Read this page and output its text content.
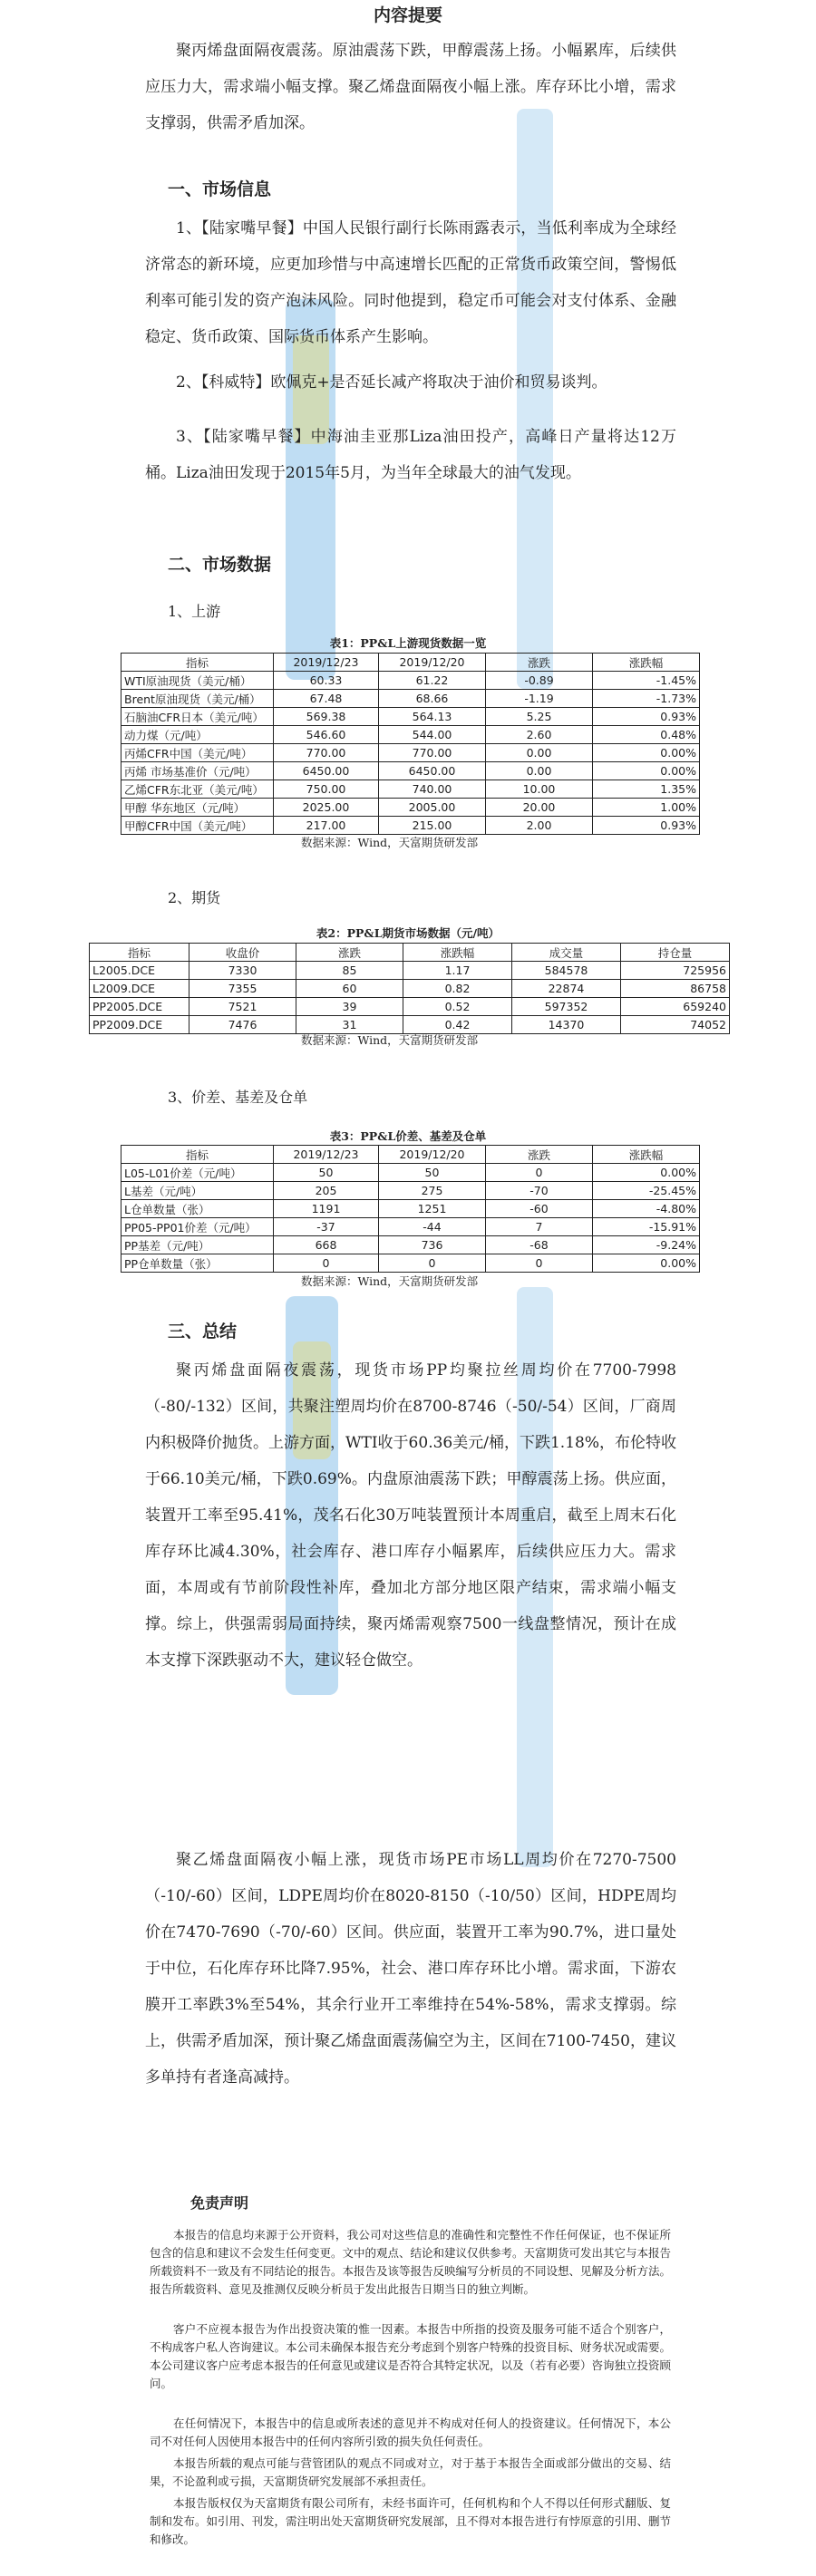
内容提要

聚丙烯盘面隔夜震荡。原油震荡下跌，甲醇震荡上扬。小幅累库，后续供应压力大，需求端小幅支撑。聚乙烯盘面隔夜小幅上涨。库存环比小增，需求支撑弱，供需矛盾加深。

一、市场信息

1、【陆家嘴早餐】中国人民银行副行长陈雨露表示，当低利率成为全球经济常态的新环境，应更加珍惜与中高速增长匹配的正常货币政策空间，警惕低利率可能引发的资产泡沫风险。同时他提到，稳定币可能会对支付体系、金融稳定、货币政策、国际货币体系产生影响。

2、【科威特】欧佩克+是否延长减产将取决于油价和贸易谈判。

3、【陆家嘴早餐】中海油圭亚那Liza油田投产，高峰日产量将达12万桶。Liza油田发现于2015年5月，为当年全球最大的油气发现。

二、市场数据
1、上游
表1：PP&L上游现货数据一览
指标	2019/12/23	2019/12/20	涨跌	涨跌幅
WTI原油现货（美元/桶）	60.33	61.22	-0.89	-1.45%
Brent原油现货（美元/桶）	67.48	68.66	-1.19	-1.73%
石脑油CFR日本（美元/吨）	569.38	564.13	5.25	0.93%
动力煤（元/吨）	546.60	544.00	2.60	0.48%
丙烯CFR中国（美元/吨）	770.00	770.00	0.00	0.00%
丙烯 市场基准价（元/吨）	6450.00	6450.00	0.00	0.00%
乙烯CFR东北亚（美元/吨）	750.00	740.00	10.00	1.35%
甲醇 华东地区（元/吨）	2025.00	2005.00	20.00	1.00%
甲醇CFR中国（美元/吨）	217.00	215.00	2.00	0.93%
数据来源：Wind，天富期货研发部
2、期货
表2：PP&L期货市场数据（元/吨）
指标	收盘价	涨跌	涨跌幅	成交量	持仓量
L2005.DCE	7330	85	1.17	584578	725956
L2009.DCE	7355	60	0.82	22874	86758
PP2005.DCE	7521	39	0.52	597352	659240
PP2009.DCE	7476	31	0.42	14370	74052
数据来源：Wind，天富期货研发部
3、价差、基差及仓单
表3：PP&L价差、基差及仓单
指标	2019/12/23	2019/12/20	涨跌	涨跌幅
L05-L01价差（元/吨）	50	50	0	0.00%
L基差（元/吨）	205	275	-70	-25.45%
L仓单数量（张）	1191	1251	-60	-4.80%
PP05-PP01价差（元/吨）	-37	-44	7	-15.91%
PP基差（元/吨）	668	736	-68	-9.24%
PP仓单数量（张）	0	0	0	0.00%
数据来源：Wind，天富期货研发部
三、总结

聚丙烯盘面隔夜震荡，现货市场PP均聚拉丝周均价在7700-7998（-80/-132）区间，共聚注塑周均价在8700-8746（-50/-54）区间，厂商周内积极降价抛货。上游方面，WTI收于60.36美元/桶，下跌1.18%，布伦特收于66.10美元/桶，下跌0.69%。内盘原油震荡下跌；甲醇震荡上扬。供应面，装置开工率至95.41%，茂名石化30万吨装置预计本周重启，截至上周末石化库存环比减4.30%，社会库存、港口库存小幅累库，后续供应压力大。需求面，本周或有节前阶段性补库，叠加北方部分地区限产结束，需求端小幅支撑。综上，供强需弱局面持续，聚丙烯需观察7500一线盘整情况，预计在成本支撑下深跌驱动不大，建议轻仓做空。

聚乙烯盘面隔夜小幅上涨，现货市场PE市场LL周均价在7270-7500（-10/-60）区间，LDPE周均价在8020-8150（-10/50）区间，HDPE周均价在7470-7690（-70/-60）区间。供应面，装置开工率为90.7%，进口量处于中位，石化库存环比降7.95%，社会、港口库存环比小增。需求面，下游农膜开工率跌3%至54%，其余行业开工率维持在54%-58%，需求支撑弱。综上，供需矛盾加深，预计聚乙烯盘面震荡偏空为主，区间在7100-7450，建议多单持有者逢高减持。

免责声明

本报告的信息均来源于公开资料，我公司对这些信息的准确性和完整性不作任何保证，也不保证所包含的信息和建议不会发生任何变更。文中的观点、结论和建议仅供参考。天富期货可发出其它与本报告所载资料不一致及有不同结论的报告。本报告及该等报告反映编写分析员的不同设想、见解及分析方法。报告所载资料、意见及推测仅反映分析员于发出此报告日期当日的独立判断。

客户不应视本报告为作出投资决策的惟一因素。本报告中所指的投资及服务可能不适合个别客户，不构成客户私人咨询建议。本公司未确保本报告充分考虑到个别客户特殊的投资目标、财务状况或需要。本公司建议客户应考虑本报告的任何意见或建议是否符合其特定状况，以及（若有必要）咨询独立投资顾问。

在任何情况下，本报告中的信息或所表述的意见并不构成对任何人的投资建议。任何情况下，本公司不对任何人因使用本报告中的任何内容所引致的损失负任何责任。

本报告所载的观点可能与营管团队的观点不同或对立，对于基于本报告全面或部分做出的交易、结果，不论盈利或亏损，天富期货研究发展部不承担责任。

本报告版权仅为天富期货有限公司所有，未经书面许可，任何机构和个人不得以任何形式翻版、复制和发布。如引用、刊发，需注明出处天富期货研究发展部，且不得对本报告进行有悖原意的引用、删节和修改。
